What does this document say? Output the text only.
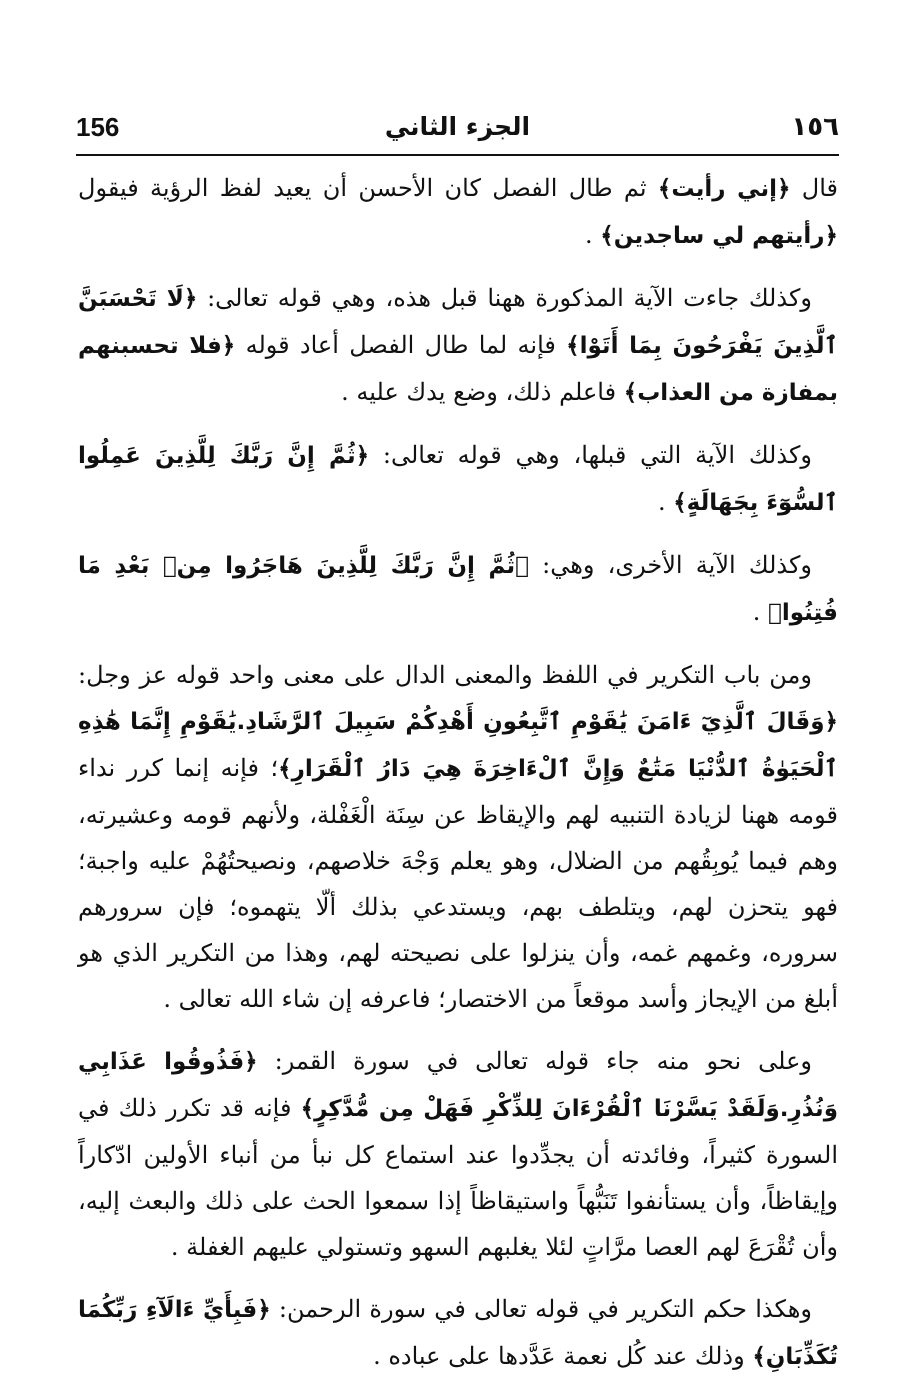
١٥٦
الجزء الثاني
156

قال ﴿إني رأيت﴾ ثم طال الفصل كان الأحسن أن يعيد لفظ الرؤية فيقول ﴿رأيتهم لي ساجدين﴾ .

وكذلك جاءت الآية المذكورة ههنا قبل هذه، وهي قوله تعالى: ﴿لَا تَحْسَبَنَّ ٱلَّذِينَ يَفْرَحُونَ بِمَا أَتَوْا﴾ فإنه لما طال الفصل أعاد قوله ﴿فلا تحسبنهم بمفازة من العذاب﴾ فاعلم ذلك، وضع يدك عليه .

وكذلك الآية التي قبلها، وهي قوله تعالى: ﴿ثُمَّ إِنَّ رَبَّكَ لِلَّذِينَ عَمِلُوا ٱلسُّوٓءَ بِجَهَالَةٍ﴾ .

وكذلك الآية الأخرى، وهي: ﴿ثُمَّ إِنَّ رَبَّكَ لِلَّذِينَ هَاجَرُوا مِنۢ بَعْدِ مَا فُتِنُوا﴾ .

ومن باب التكرير في اللفظ والمعنى الدال على معنى واحد قوله عز وجل: ﴿وَقَالَ ٱلَّذِيٓ ءَامَنَ يَٰقَوْمِ ٱتَّبِعُونِ أَهْدِكُمْ سَبِيلَ ٱلرَّشَادِ.يَٰقَوْمِ إِنَّمَا هَٰذِهِ ٱلْحَيَوٰةُ ٱلدُّنْيَا مَتَٰعٌ وَإِنَّ ٱلْءَاخِرَةَ هِيَ دَارُ ٱلْقَرَارِ﴾؛ فإنه إنما كرر نداء قومه ههنا لزيادة التنبيه لهم والإيقاظ عن سِنَة الْغَفْلة، ولأنهم قومه وعشيرته، وهم فيما يُوبِقُهم من الضلال، وهو يعلم وَجْهَ خلاصهم، ونصيحتُهُمْ عليه واجبة؛ فهو يتحزن لهم، ويتلطف بهم، ويستدعي بذلك ألّا يتهموه؛ فإن سرورهم سروره، وغمهم غمه، وأن ينزلوا على نصيحته لهم، وهذا من التكرير الذي هو أبلغ من الإيجاز وأسد موقعاً من الاختصار؛ فاعرفه إن شاء الله تعالى .

وعلى نحو منه جاء قوله تعالى في سورة القمر: ﴿فَذُوقُوا عَذَابِي وَنُذُرِ.وَلَقَدْ يَسَّرْنَا ٱلْقُرْءَانَ لِلذِّكْرِ فَهَلْ مِن مُّدَّكِرٍ﴾ فإنه قد تكرر ذلك في السورة كثيراً، وفائدته أن يجدِّدوا عند استماع كل نبأ من أنباء الأولين ادّكاراً وإيقاظاً، وأن يستأنفوا تَنَبُّهاً واستيقاظاً إذا سمعوا الحث على ذلك والبعث إليه، وأن تُقْرَعَ لهم العصا مرَّاتٍ لئلا يغلبهم السهو وتستولي عليهم الغفلة .

وهكذا حكم التكرير في قوله تعالى في سورة الرحمن: ﴿فَبِأَيِّ ءَالَآءِ رَبِّكُمَا تُكَذِّبَانِ﴾ وذلك عند كُل نعمة عَدَّدها على عباده .
